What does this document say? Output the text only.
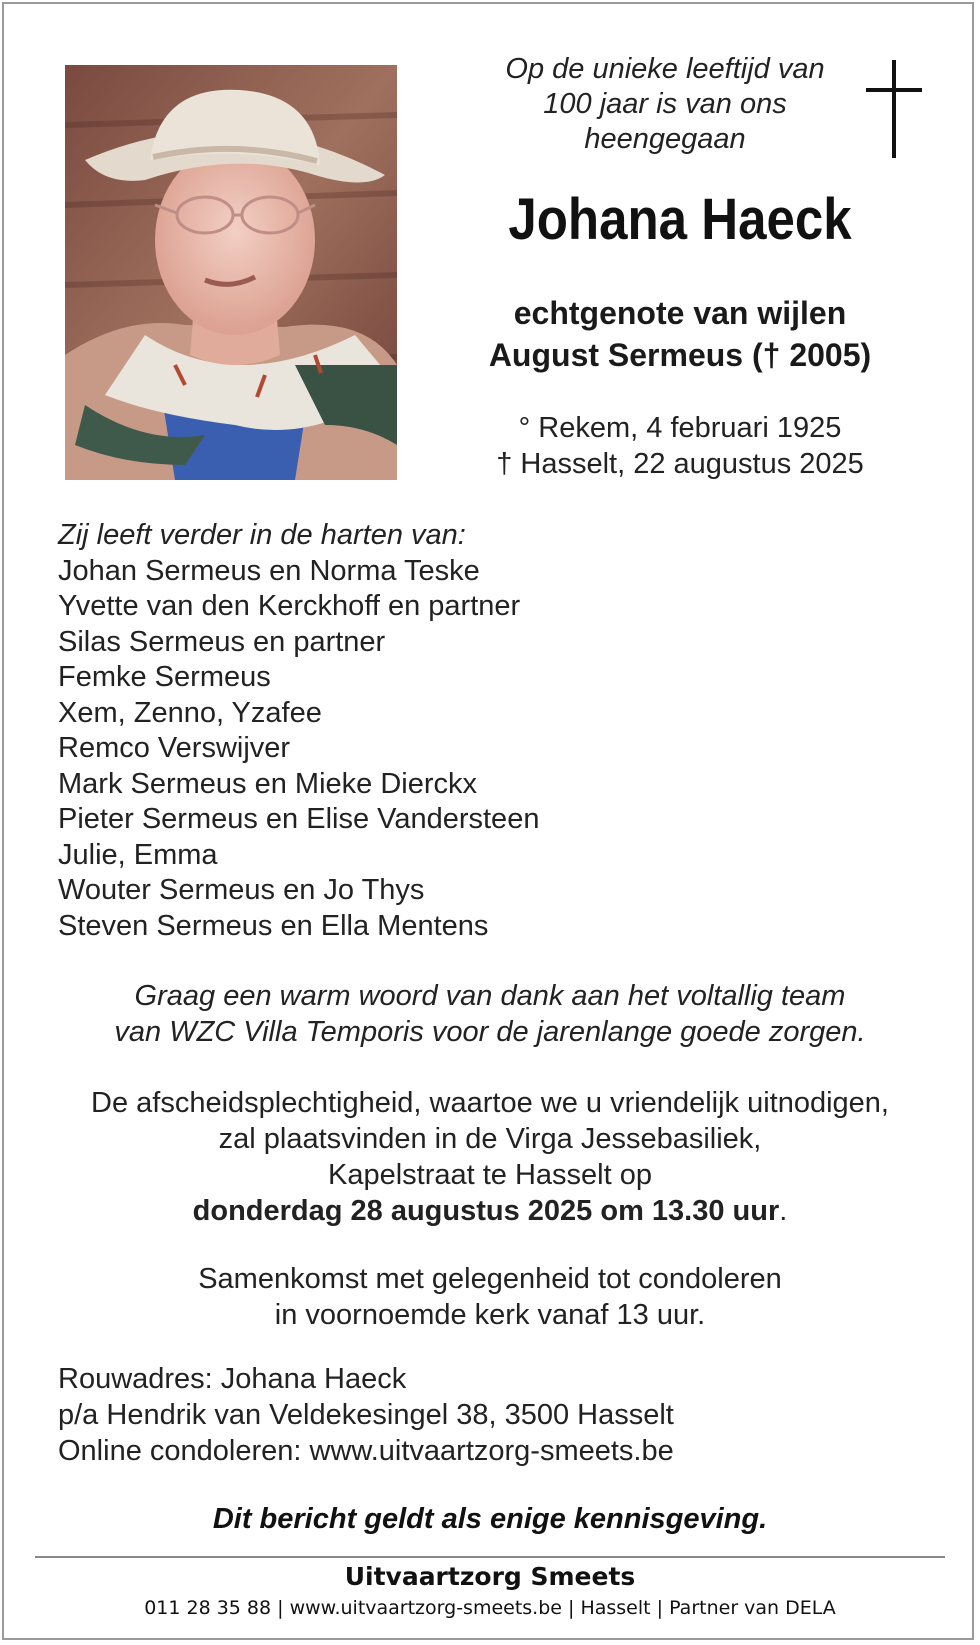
Op de unieke leeftijd van
100 jaar is van ons
heengegaan
Johana Haeck
echtgenote van wijlen
August Sermeus († 2005)
° Rekem, 4 februari 1925
† Hasselt, 22 augustus 2025
Zij leeft verder in de harten van:
Johan Sermeus en Norma Teske
Yvette van den Kerckhoff en partner
Silas Sermeus en partner
Femke Sermeus
Xem, Zenno, Yzafee
Remco Verswijver
Mark Sermeus en Mieke Dierckx
Pieter Sermeus en Elise Vandersteen
Julie, Emma
Wouter Sermeus en Jo Thys
Steven Sermeus en Ella Mentens
Graag een warm woord van dank aan het voltallig team
van WZC Villa Temporis voor de jarenlange goede zorgen.
De afscheidsplechtigheid, waartoe we u vriendelijk uitnodigen,
zal plaatsvinden in de Virga Jessebasiliek,
Kapelstraat te Hasselt op
donderdag 28 augustus 2025 om 13.30 uur.
Samenkomst met gelegenheid tot condoleren
in voornoemde kerk vanaf 13 uur.
Rouwadres: Johana Haeck
p/a Hendrik van Veldekesingel 38, 3500 Hasselt
Online condoleren: www.uitvaartzorg-smeets.be
Dit bericht geldt als enige kennisgeving.
Uitvaartzorg Smeets
011 28 35 88 | www.uitvaartzorg-smeets.be | Hasselt | Partner van DELA
